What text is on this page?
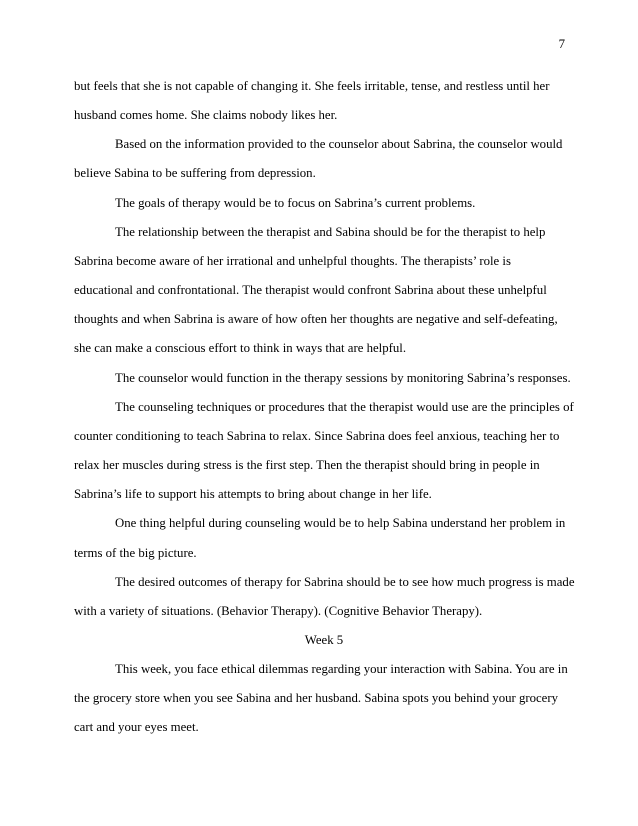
7

but feels that she is not capable of changing it. She feels irritable, tense, and restless until her

husband comes home. She claims nobody likes her.

Based on the information provided to the counselor about Sabrina, the counselor would

believe Sabina to be suffering from depression.

The goals of therapy would be to focus on Sabrina’s current problems.

The relationship between the therapist and Sabina should be for the therapist to help

Sabrina become aware of her irrational and unhelpful thoughts. The therapists’ role is

educational and confrontational. The therapist would confront Sabrina about these unhelpful

thoughts and when Sabrina is aware of how often her thoughts are negative and self-defeating,

she can make a conscious effort to think in ways that are helpful.

The counselor would function in the therapy sessions by monitoring Sabrina’s responses.

The counseling techniques or procedures that the therapist would use are the principles of

counter conditioning to teach Sabrina to relax. Since Sabrina does feel anxious, teaching her to

relax her muscles during stress is the first step. Then the therapist should bring in people in

Sabrina’s life to support his attempts to bring about change in her life.

One thing helpful during counseling would be to help Sabina understand her problem in

terms of the big picture.

The desired outcomes of therapy for Sabrina should be to see how much progress is made

with a variety of situations. (Behavior Therapy). (Cognitive Behavior Therapy).

Week 5

This week, you face ethical dilemmas regarding your interaction with Sabina. You are in

the grocery store when you see Sabina and her husband. Sabina spots you behind your grocery

cart and your eyes meet.
